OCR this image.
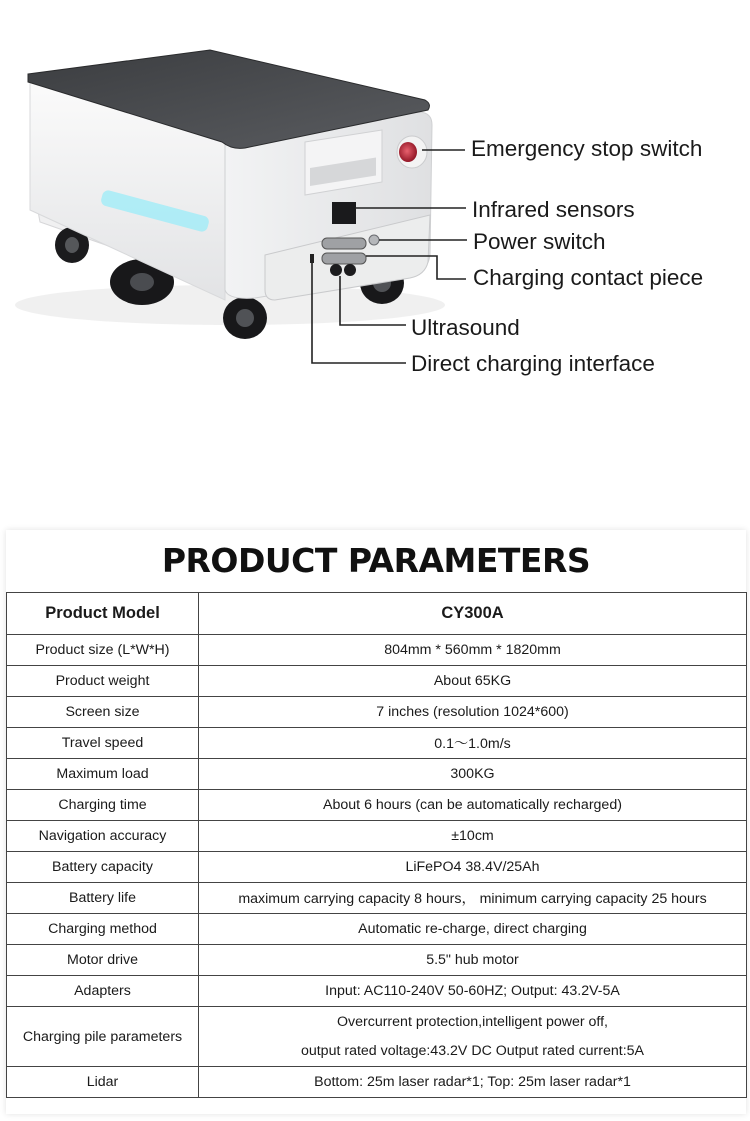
Emergency stop switch
Infrared sensors
Power switch
Charging contact piece
Ultrasound
Direct charging interface
PRODUCT PARAMETERS
Product Model	CY300A
Product size (L*W*H)	804mm * 560mm * 1820mm
Product weight	About 65KG
Screen size	7 inches (resolution 1024*600)
Travel speed	0.1～1.0m/s
Maximum load	300KG
Charging time	About 6 hours (can be automatically recharged)
Navigation accuracy	±10cm
Battery capacity	LiFePO4 38.4V/25Ah
Battery life	maximum carrying capacity 8 hours， minimum carrying capacity 25 hours
Charging method	Automatic re-charge, direct charging
Motor drive	5.5" hub motor
Adapters	Input: AC110-240V 50-60HZ; Output: 43.2V-5A
Charging pile parameters	Overcurrent protection,intelligent power off,
output rated voltage:43.2V DC Output rated current:5A

Lidar	Bottom: 25m laser radar*1; Top: 25m laser radar*1
